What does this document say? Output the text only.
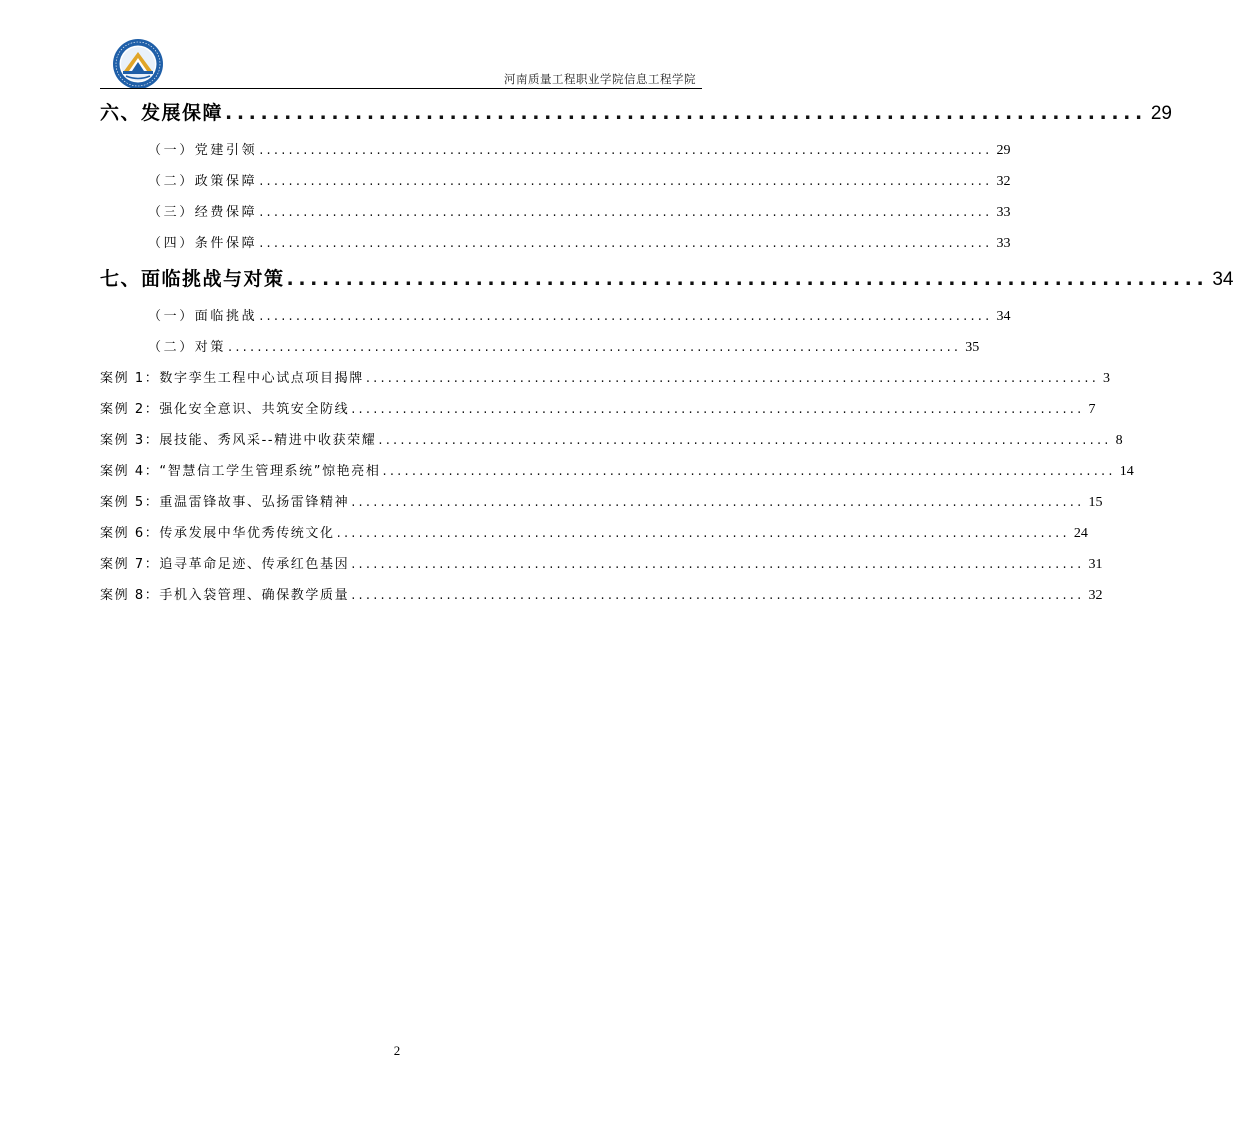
河南质量工程职业学院信息工程学院
六、发展保障 .............................................................................. 29
（一）党建引领 .................................................................................................... 29
（二）政策保障 .................................................................................................... 32
（三）经费保障 .................................................................................................... 33
（四）条件保障 .................................................................................................... 33
七、面临挑战与对策 .............................................................................. 34
（一）面临挑战 .................................................................................................... 34
（二）对策 .................................................................................................... 35
案例 1：数字孪生工程中心试点项目揭牌 .................................................................................................... 3
案例 2：强化安全意识、共筑安全防线 .................................................................................................... 7
案例 3：展技能、秀风采--精进中收获荣耀 .................................................................................................... 8
案例 4：“智慧信工学生管理系统”惊艳亮相 .................................................................................................... 14
案例 5：重温雷锋故事、弘扬雷锋精神 .................................................................................................... 15
案例 6：传承发展中华优秀传统文化 .................................................................................................... 24
案例 7：追寻革命足迹、传承红色基因 .................................................................................................... 31
案例 8：手机入袋管理、确保教学质量 .................................................................................................... 32
2
